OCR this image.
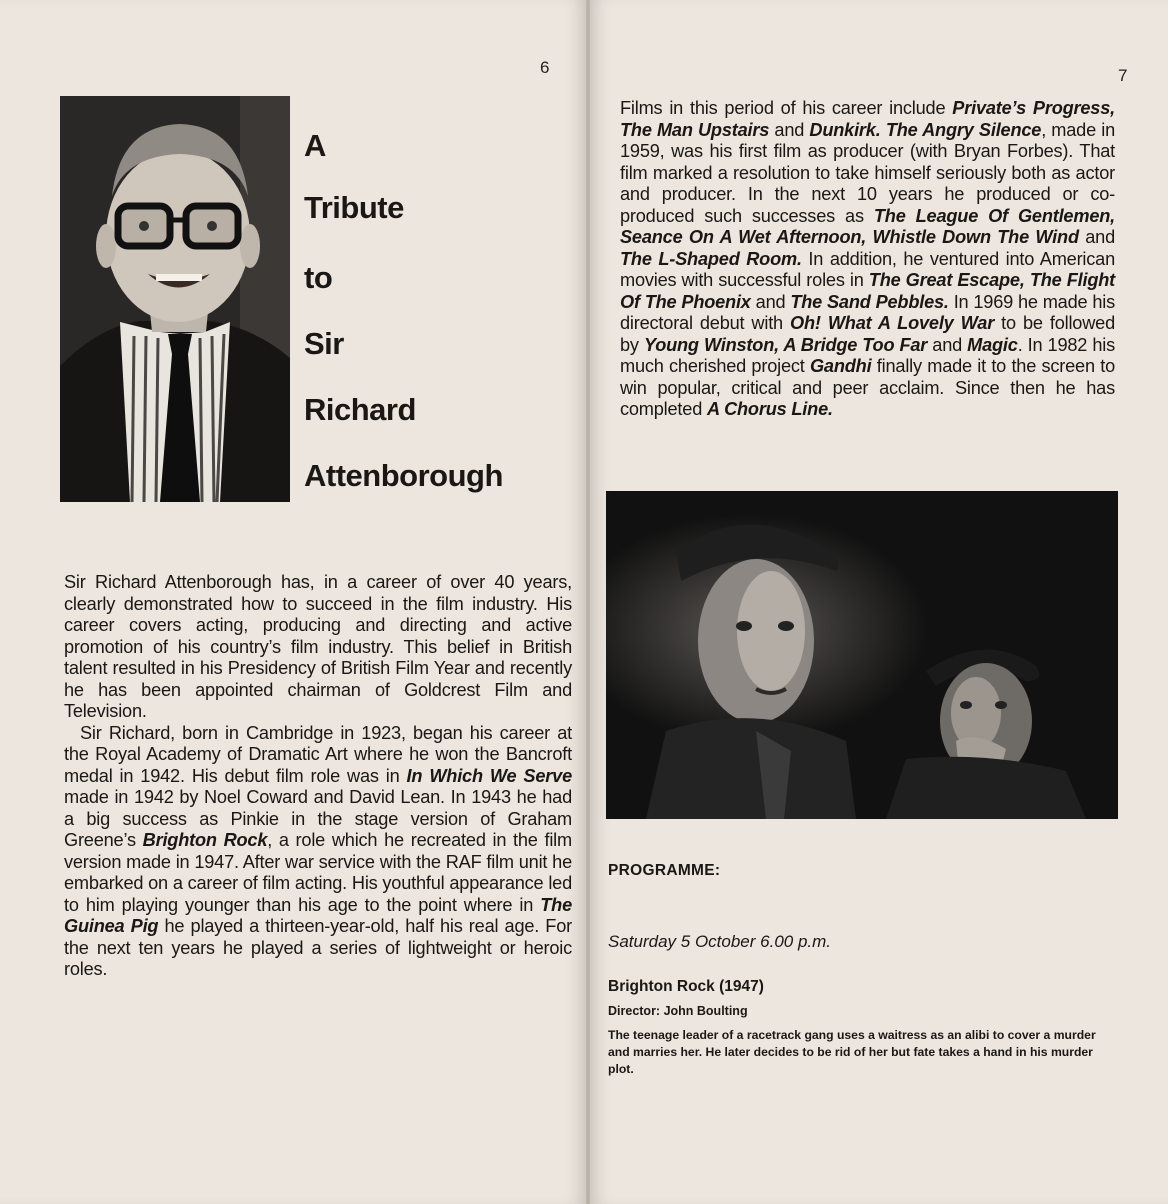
6
A
Tribute
to
Sir
Richard
Attenborough

Sir Richard Attenborough has, in a career of over 40 years, clearly demonstrated how to succeed in the film industry. His career covers acting, producing and directing and active promotion of his country’s film industry. This belief in British talent resulted in his Presidency of British Film Year and recently he has been appointed chairman of Goldcrest Film and Television.

Sir Richard, born in Cambridge in 1923, began his career at the Royal Academy of Dramatic Art where he won the Bancroft medal in 1942. His debut film role was in In Which We Serve made in 1942 by Noel Coward and David Lean. In 1943 he had a big success as Pinkie in the stage version of Graham Greene’s Brighton Rock, a role which he recreated in the film version made in 1947. After war service with the RAF film unit he embarked on a career of film acting. His youthful appearance led to him playing younger than his age to the point where in The Guinea Pig he played a thirteen-year-old, half his real age. For the next ten years he played a series of lightweight or heroic roles.

7

Films in this period of his career include Private’s Progress, The Man Upstairs and Dunkirk. The Angry Silence, made in 1959, was his first film as producer (with Bryan Forbes). That film marked a resolution to take himself seriously both as actor and producer. In the next 10 years he produced or co-produced such successes as The League Of Gentlemen, Seance On A Wet Afternoon, Whistle Down The Wind and The L-Shaped Room. In addition, he ventured into American movies with successful roles in The Great Escape, The Flight Of The Phoenix and The Sand Pebbles. In 1969 he made his directoral debut with Oh! What A Lovely War to be followed by Young Winston, A Bridge Too Far and Magic. In 1982 his much cherished project Gandhi finally made it to the screen to win popular, critical and peer acclaim. Since then he has completed A Chorus Line.

PROGRAMME:
Saturday 5 October 6.00 p.m.
Brighton Rock (1947)
Director: John Boulting
The teenage leader of a racetrack gang uses a waitress as an alibi to cover a murder and marries her. He later decides to be rid of her but fate takes a hand in his murder plot.
